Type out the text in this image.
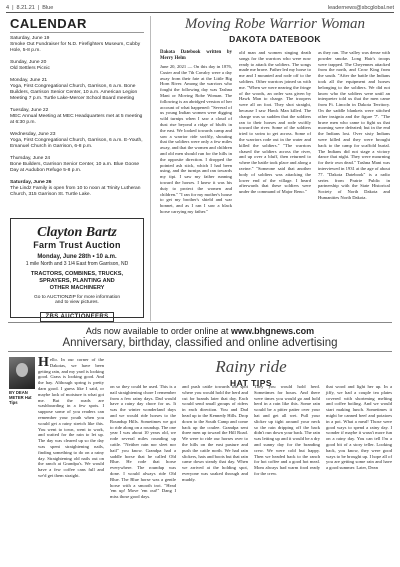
4 | 8.21.21 | Blue	leadernews@sbcglobal.net
CALENDAR
Saturday, June 19
Smoke Out Fundraiser for N.D. Firefighters Museum, Cubby Hole, 5-8 p.m.
Sunday, June 20
Old Settlers Picnic
Monday, June 21
Yoga, First Congregational Church, Garrison, 6 a.m. Bone Builders, Garrison Senior Center, 10 a.m. American Legion Meeting 7 p.m. Turtle Lake-Mercer School Board meeting
Tuesday, June 22
MEC Annual Meeting at MEC Headquarters met at 5 meeting at 6:30 p.m.
Wednesday, June 23
Yoga, First Congregational Church, Garrison, 6 a.m. E-Youth, Emanuel Church in Garrison, 6-8 p.m.
Thursday, June 24
Bone Builders, Garrison Senior Center, 10 a.m. Blue Goose Day at Audubon Refuge 5-8 p.m.
Saturday, June 26
The Lindz Family is open from 10 to noon at Trinity Lutheran Church, 315 Garrison St. Turtle Lake.
Clayton Bartz
Farm Trust Auction
Monday, June 28th • 10 a.m.
1 mile North and 3 1/4 East from Garrison, ND
TRACTORS, COMBINES, TRUCKS,
SPRAYERS, PLANTING AND
OTHER MACHINERY
Go to AUCTIONZIP for more information
and to view pictures.
ZBS AUCTIONEERS
Moving Robe Warrior Woman
DAKOTA DATEBOOK
Dakota Datebook written by Merry Helm
June 20, 2021 — On this day in 1876, Custer and the 7th Cavalry were a day away from their fate at the Little Big Horn River. Among the warriors who fought the following day was Tashna Mani or Moving Robe Woman. The following is an abridged version of her account of what happened: "Several of us young Indian women were digging wild turnips when I saw a cloud of dust rise beyond a ridge of bluffs in the east. We looked towards camp and saw a warrior ride swiftly, shouting that the soldiers were only a few miles away, and that the women and children and old men should run for the hills in the opposite direction. I dropped the pointed ash stick, which I had been using, and the turnips and ran towards my tipi. I saw my father running toward the horses. I knew it was his duty to protect the women and children." "I ran for my mother's house to get my brother's shield and war bonnet, and as I ran I saw a black horse carrying my father."
old man and women singing death songs for the warriors who were now ready to attack the soldiers. The songs made me brave. Father led my horse to me and I mounted and rode off to the soldiers. Other warriors joined us with me. "When we were nearing the fringe of the woods, an order was given by Hawk Man to charge. The troopers were all on foot. They shot straight, because I saw Hawk Man killed. The charge was so sudden that the soldiers ran to their horses and rode swiftly toward the river. Some of the soldiers tried to swim to get across. Some of the warriors rode out in the water and killed the soldiers." "The warriors chased the soldiers across the river, and up over a bluff, then returned to where the battle took place and along a ravine." "Someone said that another body of soldiers was attacking the lower end of the village. I heard afterwards that these soldiers were under the command of Major Reno."
as they ran. The valley was dense with powder smoke. Long Hair's troops were trapped. The Cheyennes attacked from the north, and Crow King from the south. "After the battle the Indians took all the equipment and horses belonging to the soldiers. We did not know who the soldiers were until an interpreter told us that the men came from Ft. Lincoln in Dakota Territory. On the saddle blankets were stitched other insignia and the figure '7'. "The brave men who came to fight us that morning were defeated; but in the end the Indians lost. Over sixty Indians were killed and they were brought back to the camp for scaffold burial. The Indians did not stage a victory dance that night. They were mourning for their own dead." Tashna Mani was interviewed in 1931 at the age of about 77. "Dakota Datebook" is a radio series from Prairie Public in partnership with the State Historical Society of North Dakota and Humanities North Dakota.
Ads now available to order online at www.bhgnews.com
Anniversary, birthday, classified and online advertising
Rainy ride
HAT TIPS
BY DEAN METER Hat Tips
Hello. In our corner of the Dakotas, we have been getting rain, and my yard is looking good. Grass is looking good. And the hay. Although spring is pretty darn good. I guess like I said, or maybe lack of moisture is what got me. But the roads are washboarding in a few spots. I suppose some of you readers can remember your youth when you would get a rainy stretch like this. You went to town, went to work, and waited for the rain to let up. The day was cleared up so the day was spent straightening nails, finding something to do on a rainy day. Straightening old nails out on the ranch at Grandpa's. We would have a few coffee cans full and we'd get them straight.
on so they could be used. This is a nail straightening chore I remember from a few rainy days. Dad would have a rainy day chore for us. It was the winter wonderland days and we would ride horses to the Roundup Hills. Sometimes we got to ride along on a roundup. The one year I was about 10 years old, we rode several miles rounding up cattle. "Neither rain nor sleet nor hail" you know. Grandpa had a saddle horse that he called Old Blue. He rode that horse everywhere. The roundup was done. I would always ride Old Blue. The Blue horse was a gentle horse with a smooth trot. "Head 'em up! Move 'em out!" Dang I miss those good days.
and push cattle towards the spot where you would hold the herd and cut for brands later that day. Each would send small groups of riders in each direction. You and Dad head up to the Kennedy Hills. Drop down to the South Camp and come back up the coulee. Grandpa sent three men up toward the Hill Road. We were to ride our horses over to the hills on the east pasture and push the cattle north. We had rain slickers, hats and boots but that rain came down steady that day. When we arrived at the holding spot, everyone was soaked through and muddy.
They you would hold herd. Sometimes for hours. And there were times you would go and hold herd in a rain like this. Some rain would be a pitter patter over your hat and get all wet. Pull your slicker up tight around your neck so the rain dripping off the back didn't run down your back. The rain was letting up and it would be a dry and sunny day for the branding crew. We were cold but happy. Then we headed back to the ranch for hot coffee and a good hot meal. Mom always had warm food ready for the crew.
that wood and light her up. In a jiffy, we had a couple tea plates covered with shortening melting and coffee boiling. And we would start making lunch. Sometimes it might be canned beef and potatoes in a pot. What a meal! Those were good ways to spend a rainy day. I wonder if maybe it wasn't more fun on a rainy day. You can tell I'm a good bit of a story teller. Looking back, you know, they were good ways to be brought up. I hope all of you are getting some rain and have a good summer. Later, Dean
